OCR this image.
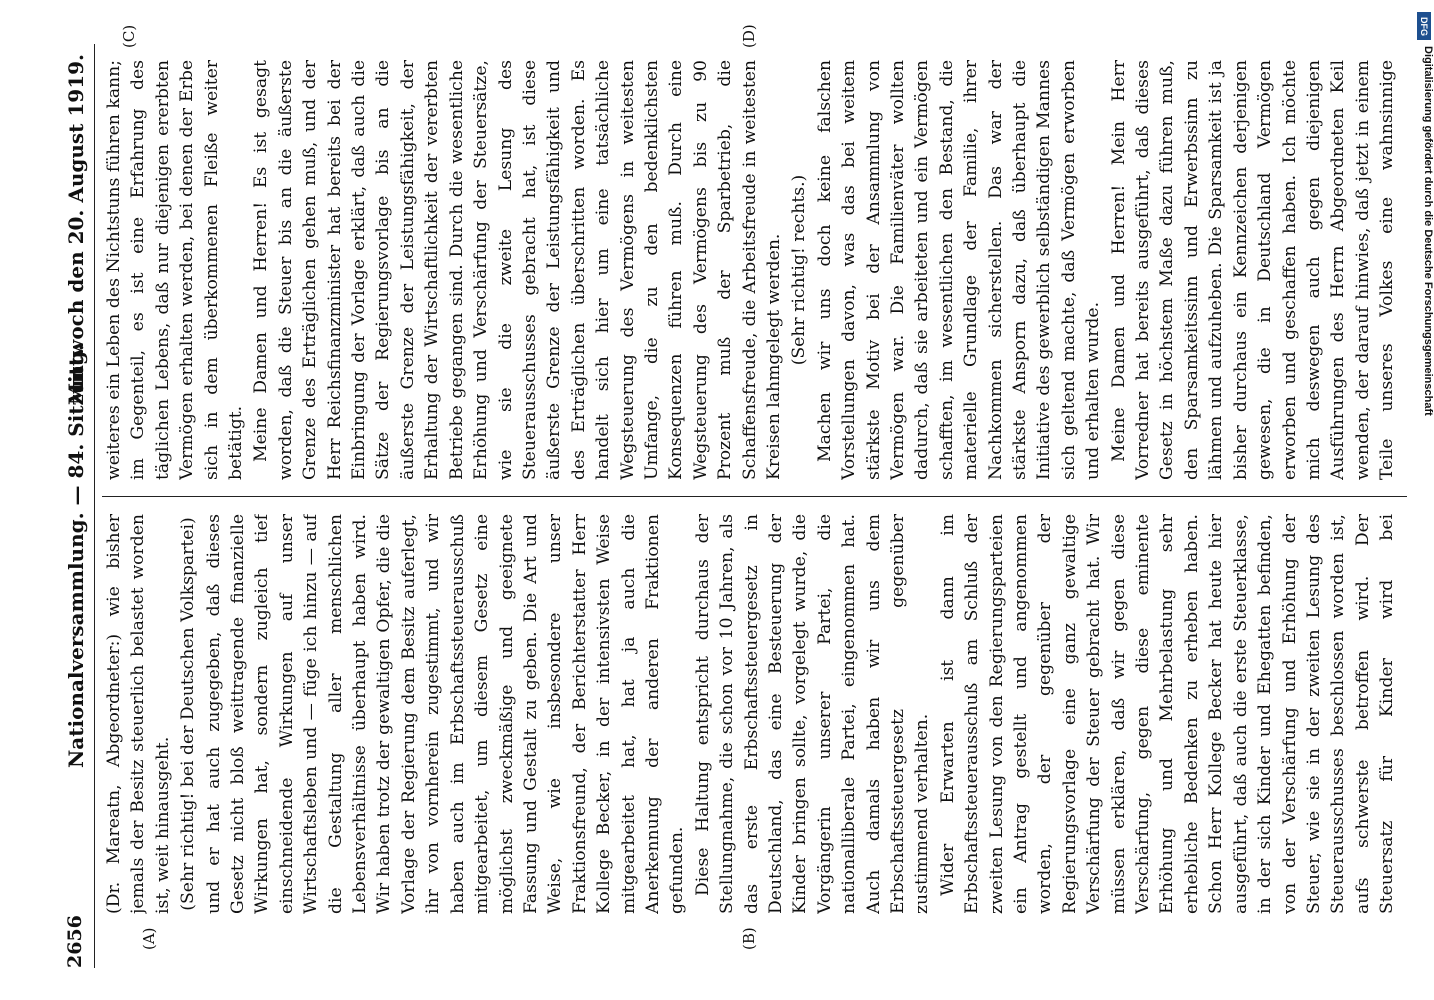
2656
Nationalversammlung. — 84. Sitzung.
Mittwoch den 20. August 1919.
(A)	(B)
(C)	(D)

(Dr. Mareatn, Abgeordneter:) wie bisher jemals der Besitz steuerlich belastet worden ist, weit hinausgeht. (Sehr richtig! bei der Deutschen Volkspartei) und er hat auch zugegeben, daß dieses Gesetz nicht bloß weittragende finanzielle Wirkungen hat, sondern zugleich tief einschneidende Wirkungen auf unser Wirtschaftsleben und — füge ich hinzu — auf die Gestaltung aller menschlichen Lebensverhältnisse überhaupt haben wird. Wir haben trotz der gewaltigen Opfer, die die Vorlage der Regierung dem Besitz auferlegt, ihr von vornherein zugestimmt, und wir haben auch im Erbschaftssteuerausschuß mitgearbeitet, um diesem Gesetz eine möglichst zweckmäßige und geeignete Fassung und Gestalt zu geben. Die Art und Weise, wie insbesondere unser Fraktionsfreund, der Berichterstatter Herr Kollege Becker, in der intensivsten Weise mitgearbeitet hat, hat ja auch die Anerkennung der anderen Fraktionen gefunden. Diese Haltung entspricht durchaus der Stellungnahme, die schon vor 10 Jahren, als das erste Erbschaftssteuergesetz in Deutschland, das eine Besteuerung der Kinder bringen sollte, vorgelegt wurde, die Vorgängerin unserer Partei, die nationalliberale Partei, eingenommen hat. Auch damals haben wir uns dem Erbschaftssteuergesetz gegenüber zustimmend verhalten. Wider Erwarten ist dann im Erbschaftssteuerausschuß am Schluß der zweiten Lesung von den Regierungsparteien ein Antrag gestellt und angenommen worden, der gegenüber der Regierungsvorlage eine ganz gewaltige Verschärfung der Steuer gebracht hat. Wir müssen erklären, daß wir gegen diese Verschärfung, gegen diese eminente Erhöhung und Mehrbelastung sehr erhebliche Bedenken zu erheben haben. Schon Herr Kollege Becker hat heute hier ausgeführt, daß auch die erste Steuerklasse, in der sich Kinder und Ehegatten befinden, von der Verschärfung und Erhöhung der Steuer, wie sie in der zweiten Lesung des Steuerausschusses beschlossen worden ist, aufs schwerste betroffen wird. Der Steuersatz für Kinder wird bei

weiteres ein Leben des Nichtstuns führen kann; im Gegenteil, es ist eine Erfahrung des täglichen Lebens, daß nur diejenigen ererbten Vermögen erhalten werden, bei denen der Erbe sich in dem überkommenen Fleiße weiter betätigt. Meine Damen und Herren! Es ist gesagt worden, daß die Steuer bis an die äußerste Grenze des Erträglichen gehen muß, und der Herr Reichsfinanzminister hat bereits bei der Einbringung der Vorlage erklärt, daß auch die Sätze der Regierungsvorlage bis an die äußerste Grenze der Leistungsfähigkeit, der Erhaltung der Wirtschaftlichkeit der vererbten Betriebe gegangen sind. Durch die wesentliche Erhöhung und Verschärfung der Steuersätze, wie sie die zweite Lesung des Steuerausschusses gebracht hat, ist diese äußerste Grenze der Leistungsfähigkeit und des Erträglichen überschritten worden. Es handelt sich hier um eine tatsächliche Wegsteuerung des Vermögens in weitesten Umfange, die zu den bedenklichsten Konsequenzen führen muß. Durch eine Wegsteuerung des Vermögens bis zu 90 Prozent muß der Sparbetrieb, die Schaffensfreude, die Arbeitsfreude in weitesten Kreisen lahmgelegt werden. (Sehr richtig! rechts.) Machen wir uns doch keine falschen Vorstellungen davon, was das bei weitem stärkste Motiv bei der Ansammlung von Vermögen war. Die Familienväter wollten dadurch, daß sie arbeiteten und ein Vermögen schafften, im wesentlichen den Bestand, die materielle Grundlage der Familie, ihrer Nachkommen sicherstellen. Das war der stärkste Ansporn dazu, daß überhaupt die Initiative des gewerblich selbständigen Mannes sich geltend machte, daß Vermögen erworben und erhalten wurde. Meine Damen und Herren! Mein Herr Vorredner hat bereits ausgeführt, daß dieses Gesetz in höchstem Maße dazu führen muß, den Sparsamkeitssinn und Erwerbssinn zu lähmen und aufzuheben. Die Sparsamkeit ist ja bisher durchaus ein Kennzeichen derjenigen gewesen, die in Deutschland Vermögen erworben und geschaffen haben. Ich möchte mich deswegen auch gegen diejenigen Ausführungen des Herrn Abgeordneten Keil wenden, der darauf hinwies, daß jetzt in einem Teile unseres Volkes eine wahnsinnige

DFG
Digitalisierung gefördert durch die Deutsche Forschungsgemeinschaft
